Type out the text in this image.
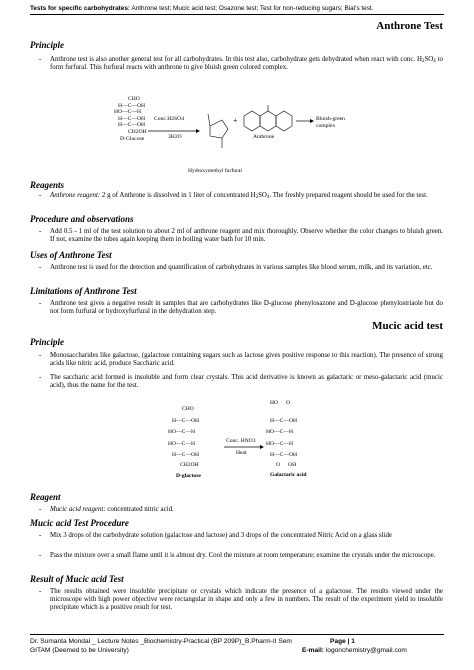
Tests for specific carbohydrates: Anthrone test; Mucic acid test; Osazone test; Test for non-reducing sugars; Bial’s test.
Anthrone Test
Principle
- Anthrone test is also another general test for all carbohydrates. In this test also, carbohydrate gets dehydrated when react with conc. $H_2SO_4$ to form furfural. This furfural reacts with anthrone to give bluish green colored complex.
CHO
H—C—OH
HO—C—H
H—C—OH
H—C—OH
CH2OH
D-Glucose
Conc.H2SO4
3H2O
+
Anthrone
Hydroxymethyl furfural
Bluish-green complex
Reagents
- Anthrone reagent: 2 g of Anthrone is dissolved in 1 liter of concentrated $H_2SO_4$. The freshly prepared reagent should be used for the test.
Procedure and observations
- Add 0.5 - 1 ml of the test solution to about 2 ml of anthrone reagent and mix thoroughly. Observe whether the color changes to bluish green. If not, examine the tubes again keeping them in boiling water bath for 10 min.
Uses of Anthrone Test
- Anthrone test is used for the detection and quantification of carbohydrates in various samples like blood serum, milk, and its variation, etc.
Limitations of Anthrone Test
- Anthrone test gives a negative result in samples that are carbohydrates like D-glucose phenylosazone and D-glucose phenylostriaole but do not form furfural or hydroxyfurfural in the dehydration step.
Mucic acid test
Principle
- Monosaccharides like galactose, (galactose containing sugars such as lactose gives positive response to this reaction). The presence of strong acids like nitric acid, produce Saccharic acid.
- The saccharic acid formed is insoluble and form clear crystals. This acid derivative is known as galactaric or meso-galactaric acid (mucic acid), thus the name for the test.
CHO
H—C—OH
HO—C—H
HO—C—H
H—C—OH
CH2OH
D-glactose
Conc. HNO3
Heat
HO O
H—C—OH
HO—C—H
HO—C—H
H—C—OH
O OH
Galactaric acid
Reagent
- Mucic acid reagent: concentrated nitric acid.
Mucic acid Test Procedure
- Mix 3 drops of the carbohydrate solution (galactose and lactose) and 3 drops of the concentrated Nitric Acid on a glass slide
- Pass the mixture over a small flame until it is almost dry. Cool the mixture at room temperature; examine the crystals under the microscope.
Result of Mucic acid Test
- The results obtained were insoluble precipitate or crystals which indicate the presence of a galactose. The results viewed under the microscope with high power objective were rectangular in shape and only a few in numbers. The result of the experiment yield to insoluble precipitate which is a positive result for test.
Dr. Sumanta Mondal _ Lecture Notes _Biochemistry-Practical (BP 209P)_B.Pharm-II Sem	Page | 1
GITAM (Deemed to be University)	E-mail: logonchemistry@gmail.com
